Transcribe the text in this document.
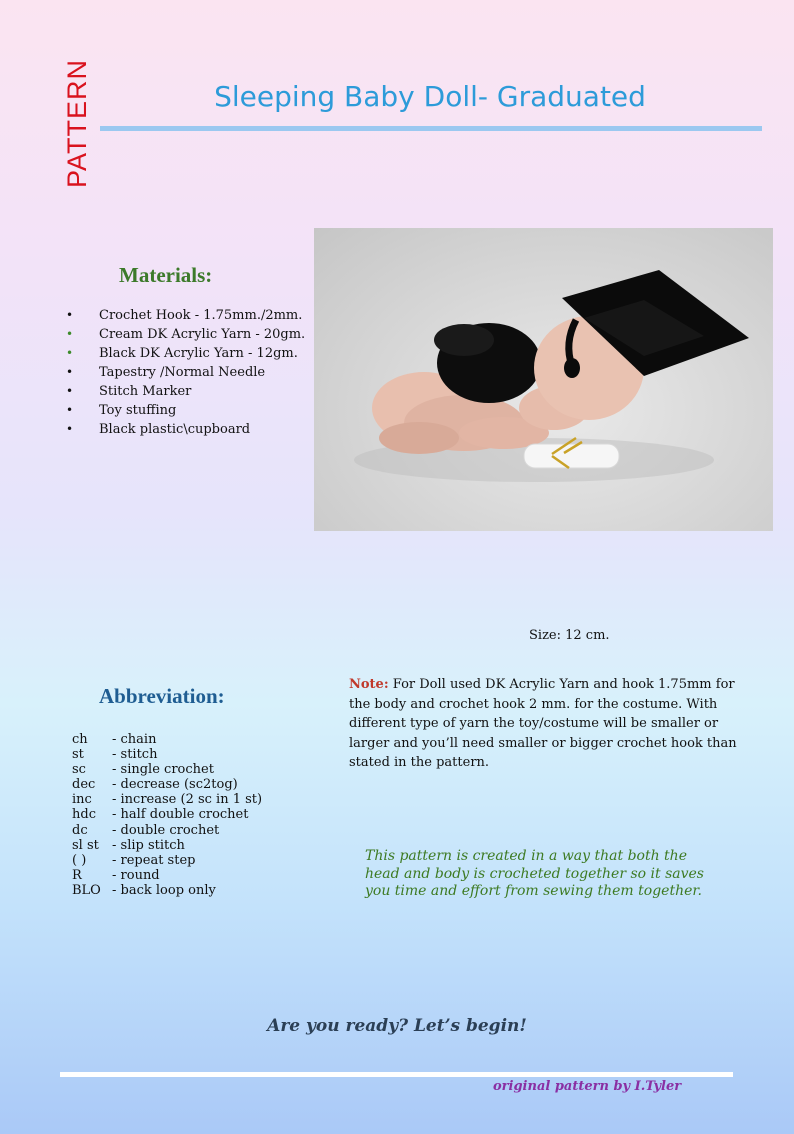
PATTERN	Sleeping Baby Doll- Graduated
Materials:
• Crochet Hook - 1.75mm./2mm.
• Cream DK Acrylic Yarn - 20gm.
• Black DK Acrylic Yarn - 12gm.
• Tapestry /Normal Needle
• Stitch Marker
• Toy stuffing
• Black plastic\cupboard
Size: 12 cm.
Abbreviation:
ch - chain
st - stitch
sc - single crochet
dec - decrease (sc2tog)
inc - increase (2 sc in 1 st)
hdc - half double crochet
dc - double crochet
sl st - slip stitch
( ) - repeat step
R - round
BLO - back loop only
Note: For Doll used DK Acrylic Yarn and hook 1.75mm for the body and crochet hook 2 mm. for the costume. With different type of yarn the toy/costume will be smaller or larger and you’ll need smaller or bigger crochet hook than stated in the pattern.
This pattern is created in a way that both the head and body is crocheted together so it saves you time and effort from sewing them together.
Are you ready? Let’s begin!
original pattern by I.Tyler
